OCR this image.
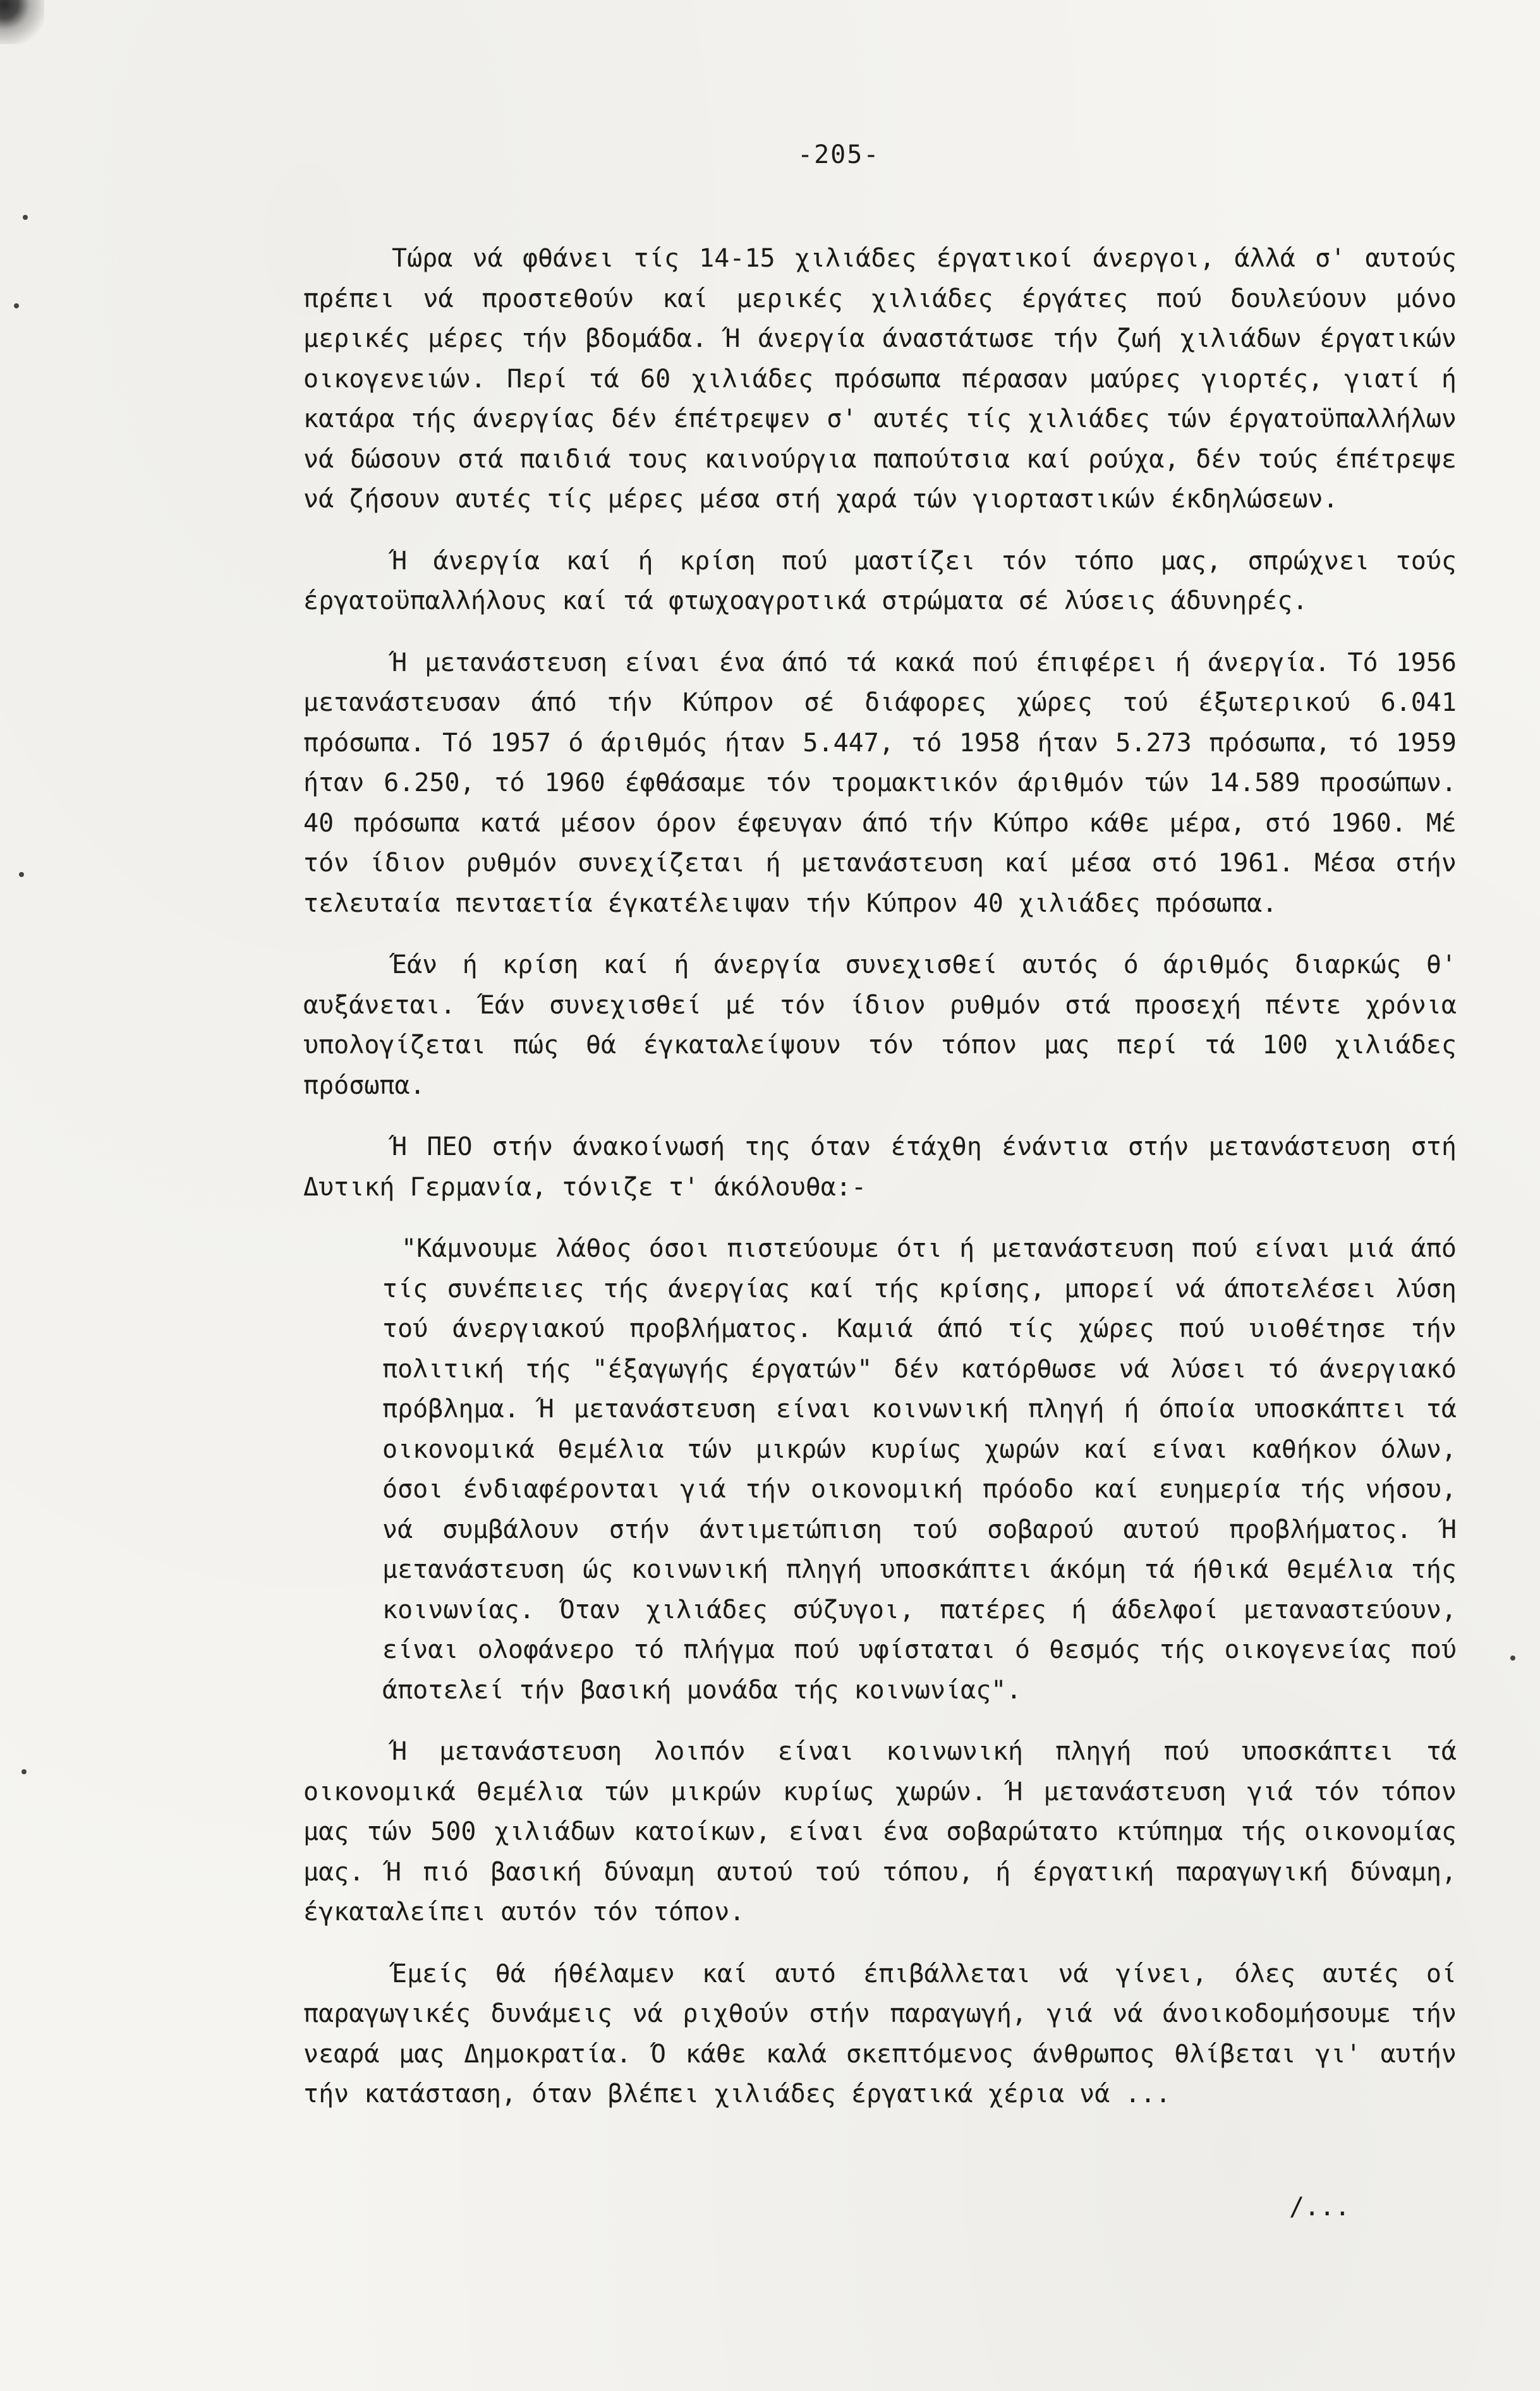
-205-

Τώρα νά φθάνει τίς 14-15 χιλιάδες έργατικοί άνεργοι, άλλά σ' αυτούς πρέπει νά προστεθούν καί μερικές χιλιάδες έργάτες πού δουλεύουν μόνο μερικές μέρες τήν βδομάδα. Ή άνεργία άναστάτωσε τήν ζωή χιλιάδων έργατικών οικογενειών. Περί τά 60 χιλιάδες πρόσωπα πέρασαν μαύρες γιορτές, γιατί ή κατάρα τής άνεργίας δέν έπέτρεψεν σ' αυτές τίς χιλιάδες τών έργατοϋπαλλήλων νά δώσουν στά παιδιά τους καινούργια παπούτσια καί ρούχα, δέν τούς έπέτρεψε νά ζήσουν αυτές τίς μέρες μέσα στή χαρά τών γιορταστικών έκδηλώσεων.

Ή άνεργία καί ή κρίση πού μαστίζει τόν τόπο μας, σπρώχνει τούς έργατοϋπαλλήλους καί τά φτωχοαγροτικά στρώματα σέ λύσεις άδυνηρές.

Ή μετανάστευση είναι ένα άπό τά κακά πού έπιφέρει ή άνεργία. Τό 1956 μετανάστευσαν άπό τήν Κύπρον σέ διάφορες χώρες τού έξωτερικού 6.041 πρόσωπα. Τό 1957 ό άριθμός ήταν 5.447, τό 1958 ήταν 5.273 πρόσωπα, τό 1959 ήταν 6.250, τό 1960 έφθάσαμε τόν τρομακτικόν άριθμόν τών 14.589 προσώπων. 40 πρόσωπα κατά μέσον όρον έφευγαν άπό τήν Κύπρο κάθε μέρα, στό 1960. Μέ τόν ίδιον ρυθμόν συνεχίζεται ή μετανάστευση καί μέσα στό 1961. Μέσα στήν τελευταία πενταετία έγκατέλειψαν τήν Κύπρον 40 χιλιάδες πρόσωπα.

Έάν ή κρίση καί ή άνεργία συνεχισθεί αυτός ό άριθμός διαρκώς θ' αυξάνεται. Έάν συνεχισθεί μέ τόν ίδιον ρυθμόν στά προσεχή πέντε χρόνια υπολογίζεται πώς θά έγκαταλείψουν τόν τόπον μας περί τά 100 χιλιάδες πρόσωπα.

Ή ΠΕΟ στήν άνακοίνωσή της όταν έτάχθη ένάντια στήν μετανάστευση στή Δυτική Γερμανία, τόνιζε τ' άκόλουθα:-

"Κάμνουμε λάθος όσοι πιστεύουμε ότι ή μετανάστευση πού είναι μιά άπό τίς συνέπειες τής άνεργίας καί τής κρίσης, μπορεί νά άποτελέσει λύση τού άνεργιακού προβλήματος. Καμιά άπό τίς χώρες πού υιοθέτησε τήν πολιτική τής "έξαγωγής έργατών" δέν κατόρθωσε νά λύσει τό άνεργιακό πρόβλημα. Ή μετανάστευση είναι κοινωνική πληγή ή όποία υποσκάπτει τά οικονομικά θεμέλια τών μικρών κυρίως χωρών καί είναι καθήκον όλων, όσοι ένδιαφέρονται γιά τήν οικονομική πρόοδο καί ευημερία τής νήσου, νά συμβάλουν στήν άντιμετώπιση τού σοβαρού αυτού προβλήματος. Ή μετανάστευση ώς κοινωνική πληγή υποσκάπτει άκόμη τά ήθικά θεμέλια τής κοινωνίας. Όταν χιλιάδες σύζυγοι, πατέρες ή άδελφοί μεταναστεύουν, είναι ολοφάνερο τό πλήγμα πού υφίσταται ό θεσμός τής οικογενείας πού άποτελεί τήν βασική μονάδα τής κοινωνίας".

Ή μετανάστευση λοιπόν είναι κοινωνική πληγή πού υποσκάπτει τά οικονομικά θεμέλια τών μικρών κυρίως χωρών. Ή μετανάστευση γιά τόν τόπον μας τών 500 χιλιάδων κατοίκων, είναι ένα σοβαρώτατο κτύπημα τής οικονομίας μας. Ή πιό βασική δύναμη αυτού τού τόπου, ή έργατική παραγωγική δύναμη, έγκαταλείπει αυτόν τόν τόπον.

Έμείς θά ήθέλαμεν καί αυτό έπιβάλλεται νά γίνει, όλες αυτές οί παραγωγικές δυνάμεις νά ριχθούν στήν παραγωγή, γιά νά άνοικοδομήσουμε τήν νεαρά μας Δημοκρατία. Ό κάθε καλά σκεπτόμενος άνθρωπος θλίβεται γι' αυτήν τήν κατάσταση, όταν βλέπει χιλιάδες έργατικά χέρια νά ...

/...
